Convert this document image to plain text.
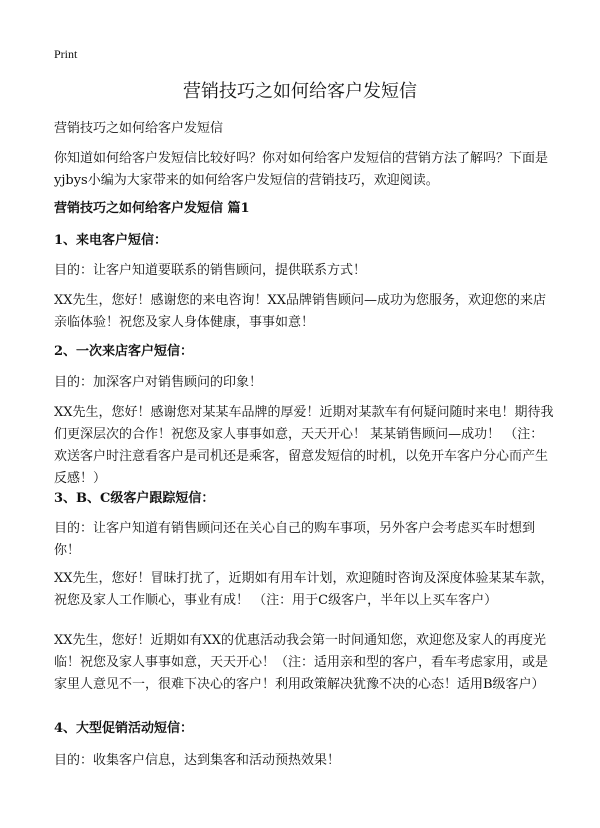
Print
营销技巧之如何给客户发短信

营销技巧之如何给客户发短信

你知道如何给客户发短信比较好吗？你对如何给客户发短信的营销方法了解吗？下面是yjbys小编为大家带来的如何给客户发短信的营销技巧，欢迎阅读。

营销技巧之如何给客户发短信 篇1

1、来电客户短信：

目的：让客户知道要联系的销售顾问，提供联系方式！

XX先生，您好！感谢您的来电咨询！XX品牌销售顾问—成功为您服务，欢迎您的来店亲临体验！祝您及家人身体健康，事事如意！

2、一次来店客户短信：

目的：加深客户对销售顾问的印象！

XX先生，您好！感谢您对某某车品牌的厚爱！近期对某款车有何疑问随时来电！期待我们更深层次的合作！祝您及家人事事如意，天天开心！ 某某销售顾问—成功！ （注：欢送客户时注意看客户是司机还是乘客，留意发短信的时机，以免开车客户分心而产生反感！）

3、B、C级客户跟踪短信：

目的：让客户知道有销售顾问还在关心自己的购车事项，另外客户会考虑买车时想到你！

XX先生，您好！冒昧打扰了，近期如有用车计划，欢迎随时咨询及深度体验某某车款，祝您及家人工作顺心，事业有成！ （注：用于C级客户，半年以上买车客户）

XX先生，您好！近期如有XX的优惠活动我会第一时间通知您，欢迎您及家人的再度光临！祝您及家人事事如意，天天开心！（注：适用亲和型的客户，看车考虑家用，或是家里人意见不一，很难下决心的客户！利用政策解决犹豫不决的心态！适用B级客户）

4、大型促销活动短信：

目的：收集客户信息，达到集客和活动预热效果！
